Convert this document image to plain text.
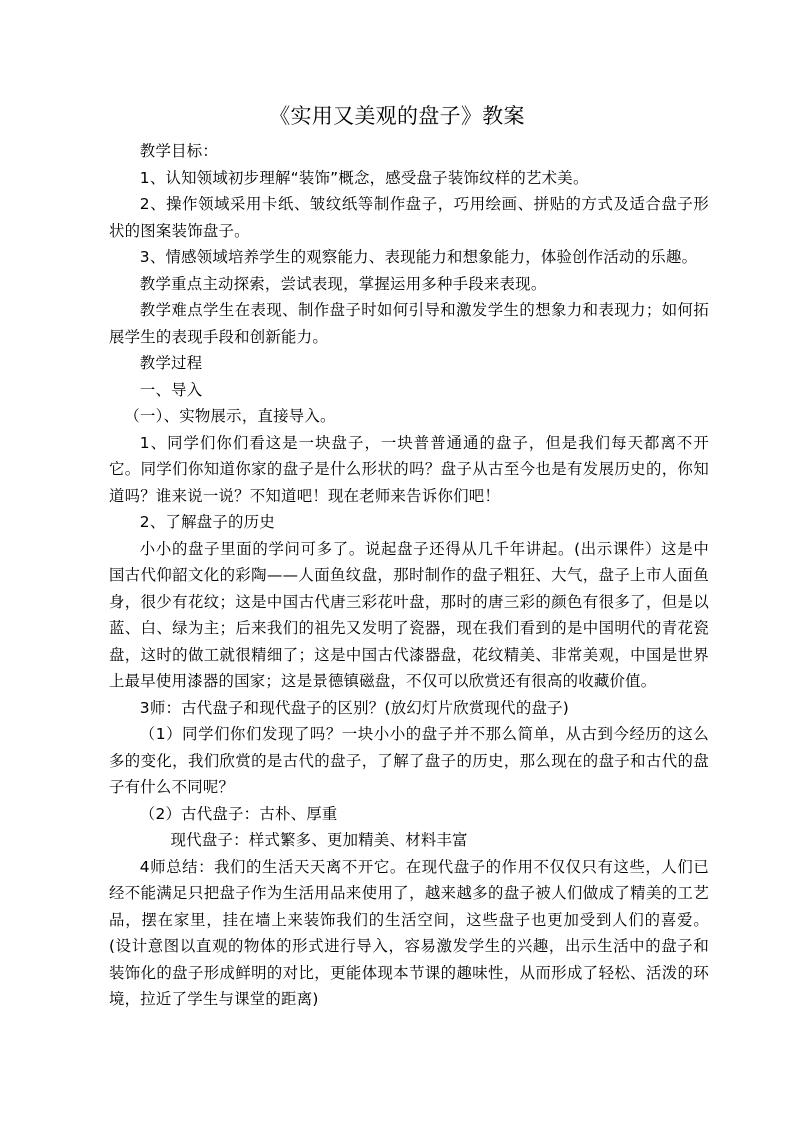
《实用又美观的盘子》教案

教学目标：

1、认知领域初步理解“装饰”概念，感受盘子装饰纹样的艺术美。

2、操作领域采用卡纸、皱纹纸等制作盘子，巧用绘画、拼贴的方式及适合盘子形状的图案装饰盘子。

3、情感领域培养学生的观察能力、表现能力和想象能力，体验创作活动的乐趣。

教学重点主动探索，尝试表现，掌握运用多种手段来表现。

教学难点学生在表现、制作盘子时如何引导和激发学生的想象力和表现力；如何拓展学生的表现手段和创新能力。

教学过程

一、导入

（一）、实物展示，直接导入。

1、同学们你们看这是一块盘子，一块普普通通的盘子，但是我们每天都离不开它。同学们你知道你家的盘子是什么形状的吗？盘子从古至今也是有发展历史的，你知道吗？谁来说一说？不知道吧！现在老师来告诉你们吧！

2、了解盘子的历史

小小的盘子里面的学问可多了。说起盘子还得从几千年讲起。(出示课件）这是中国古代仰韶文化的彩陶——人面鱼纹盘，那时制作的盘子粗狂、大气，盘子上市人面鱼身，很少有花纹；这是中国古代唐三彩花叶盘，那时的唐三彩的颜色有很多了，但是以蓝、白、绿为主；后来我们的祖先又发明了瓷器，现在我们看到的是中国明代的青花瓷盘，这时的做工就很精细了；这是中国古代漆器盘，花纹精美、非常美观，中国是世界上最早使用漆器的国家；这是景德镇磁盘，不仅可以欣赏还有很高的收藏价值。

3师：古代盘子和现代盘子的区别？(放幻灯片欣赏现代的盘子)

（1）同学们你们发现了吗？一块小小的盘子并不那么简单，从古到今经历的这么多的变化，我们欣赏的是古代的盘子，了解了盘子的历史，那么现在的盘子和古代的盘子有什么不同呢？

（2）古代盘子：古朴、厚重

现代盘子：样式繁多、更加精美、材料丰富

4师总结：我们的生活天天离不开它。在现代盘子的作用不仅仅只有这些，人们已经不能满足只把盘子作为生活用品来使用了，越来越多的盘子被人们做成了精美的工艺品，摆在家里，挂在墙上来装饰我们的生活空间，这些盘子也更加受到人们的喜爱。(设计意图以直观的物体的形式进行导入，容易激发学生的兴趣，出示生活中的盘子和装饰化的盘子形成鲜明的对比，更能体现本节课的趣味性，从而形成了轻松、活泼的环境，拉近了学生与课堂的距离)
